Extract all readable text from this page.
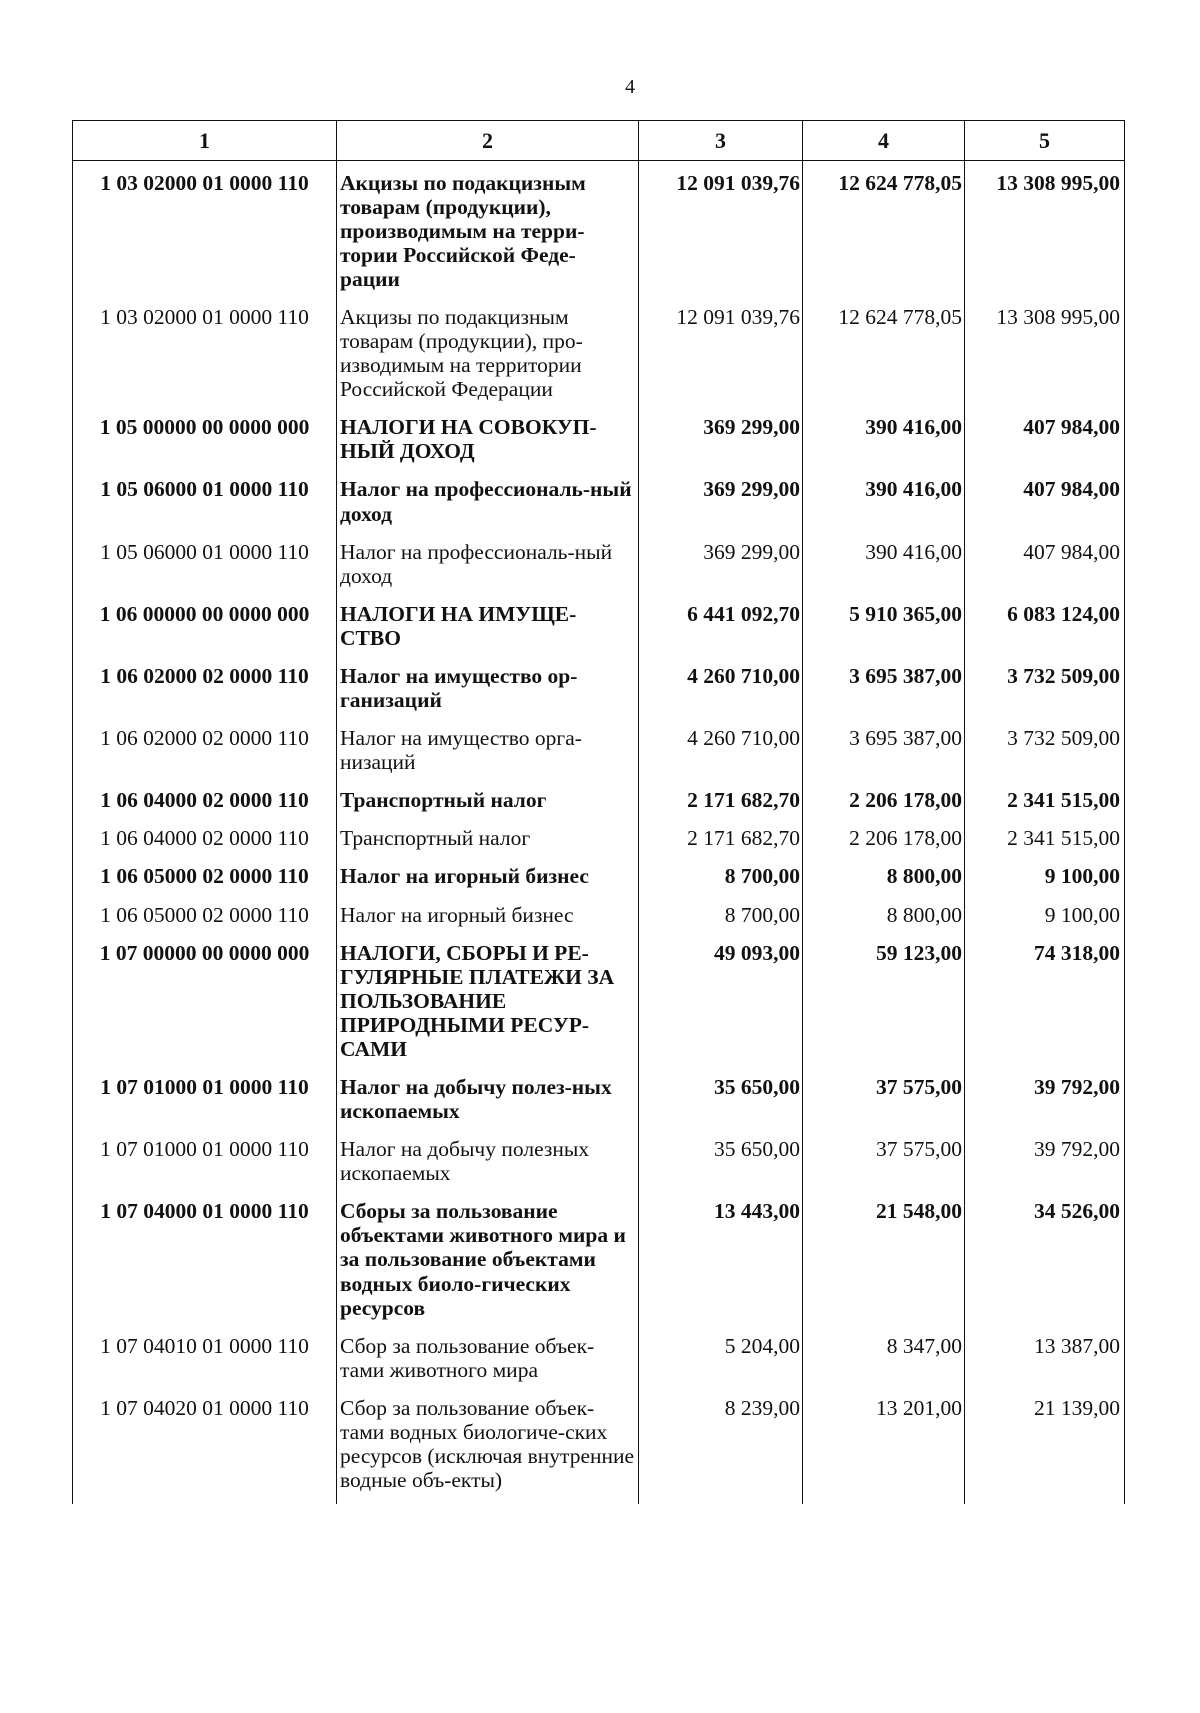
4
1	2	3	4	5
1 03 02000 01 0000 110	Акцизы по подакцизным товарам (продукции), производимым на терри-тории Российской Феде-рации	12 091 039,76	12 624 778,05	13 308 995,00
1 03 02000 01 0000 110	Акцизы по подакцизным товарам (продукции), про-изводимым на территории Российской Федерации	12 091 039,76	12 624 778,05	13 308 995,00
1 05 00000 00 0000 000	НАЛОГИ НА СОВОКУП-НЫЙ ДОХОД	369 299,00	390 416,00	407 984,00
1 05 06000 01 0000 110	Налог на профессиональ-ный доход	369 299,00	390 416,00	407 984,00
1 05 06000 01 0000 110	Налог на профессиональ-ный доход	369 299,00	390 416,00	407 984,00
1 06 00000 00 0000 000	НАЛОГИ НА ИМУЩЕ-СТВО	6 441 092,70	5 910 365,00	6 083 124,00
1 06 02000 02 0000 110	Налог на имущество ор-ганизаций	4 260 710,00	3 695 387,00	3 732 509,00
1 06 02000 02 0000 110	Налог на имущество орга-низаций	4 260 710,00	3 695 387,00	3 732 509,00
1 06 04000 02 0000 110	Транспортный налог	2 171 682,70	2 206 178,00	2 341 515,00
1 06 04000 02 0000 110	Транспортный налог	2 171 682,70	2 206 178,00	2 341 515,00
1 06 05000 02 0000 110	Налог на игорный бизнес	8 700,00	8 800,00	9 100,00
1 06 05000 02 0000 110	Налог на игорный бизнес	8 700,00	8 800,00	9 100,00
1 07 00000 00 0000 000	НАЛОГИ, СБОРЫ И РЕ-ГУЛЯРНЫЕ ПЛАТЕЖИ ЗА ПОЛЬЗОВАНИЕ ПРИРОДНЫМИ РЕСУР-САМИ	49 093,00	59 123,00	74 318,00
1 07 01000 01 0000 110	Налог на добычу полез-ных ископаемых	35 650,00	37 575,00	39 792,00
1 07 01000 01 0000 110	Налог на добычу полезных ископаемых	35 650,00	37 575,00	39 792,00
1 07 04000 01 0000 110	Сборы за пользование объектами животного мира и за пользование объектами водных биоло-гических ресурсов	13 443,00	21 548,00	34 526,00
1 07 04010 01 0000 110	Сбор за пользование объек-тами животного мира	5 204,00	8 347,00	13 387,00
1 07 04020 01 0000 110	Сбор за пользование объек-тами водных биологиче-ских ресурсов (исключая внутренние водные объ-екты)	8 239,00	13 201,00	21 139,00
